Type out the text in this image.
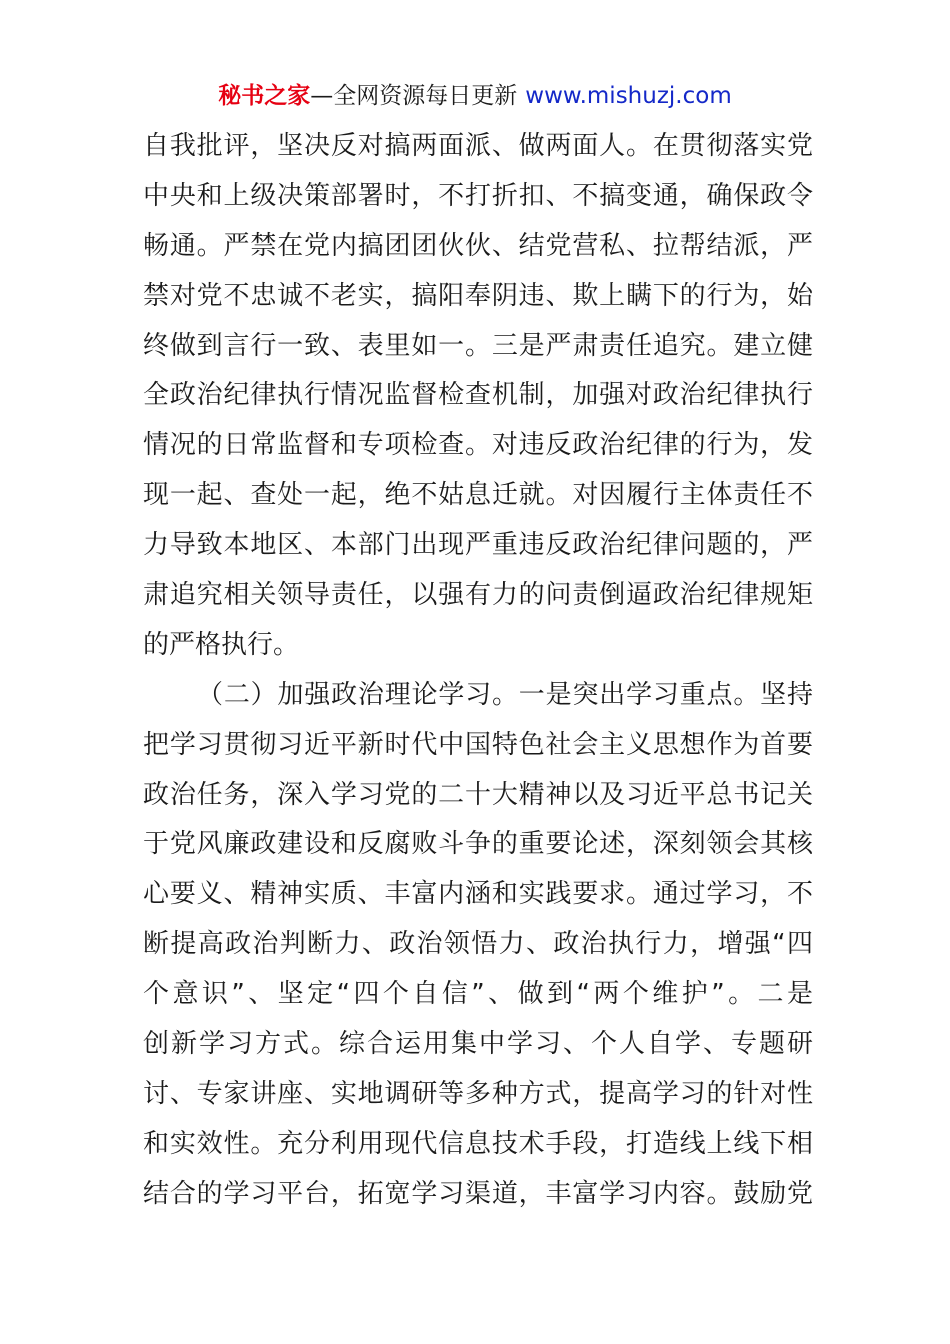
秘书之家—全网资源每日更新 www.mishuzj.com
自我批评，坚决反对搞两面派、做两面人。在贯彻落实党
中央和上级决策部署时，不打折扣、不搞变通，确保政令
畅通。严禁在党内搞团团伙伙、结党营私、拉帮结派，严
禁对党不忠诚不老实，搞阳奉阴违、欺上瞒下的行为，始
终做到言行一致、表里如一。三是严肃责任追究。建立健
全政治纪律执行情况监督检查机制，加强对政治纪律执行
情况的日常监督和专项检查。对违反政治纪律的行为，发
现一起、查处一起，绝不姑息迁就。对因履行主体责任不
力导致本地区、本部门出现严重违反政治纪律问题的，严
肃追究相关领导责任，以强有力的问责倒逼政治纪律规矩
的严格执行。
（二）加强政治理论学习。一是突出学习重点。坚持
把学习贯彻习近平新时代中国特色社会主义思想作为首要
政治任务，深入学习党的二十大精神以及习近平总书记关
于党风廉政建设和反腐败斗争的重要论述，深刻领会其核
心要义、精神实质、丰富内涵和实践要求。通过学习，不
断提高政治判断力、政治领悟力、政治执行力，增强“四
个意识”、坚定“四个自信”、做到“两个维护”。二是
创新学习方式。综合运用集中学习、个人自学、专题研
讨、专家讲座、实地调研等多种方式，提高学习的针对性
和实效性。充分利用现代信息技术手段，打造线上线下相
结合的学习平台，拓宽学习渠道，丰富学习内容。鼓励党
